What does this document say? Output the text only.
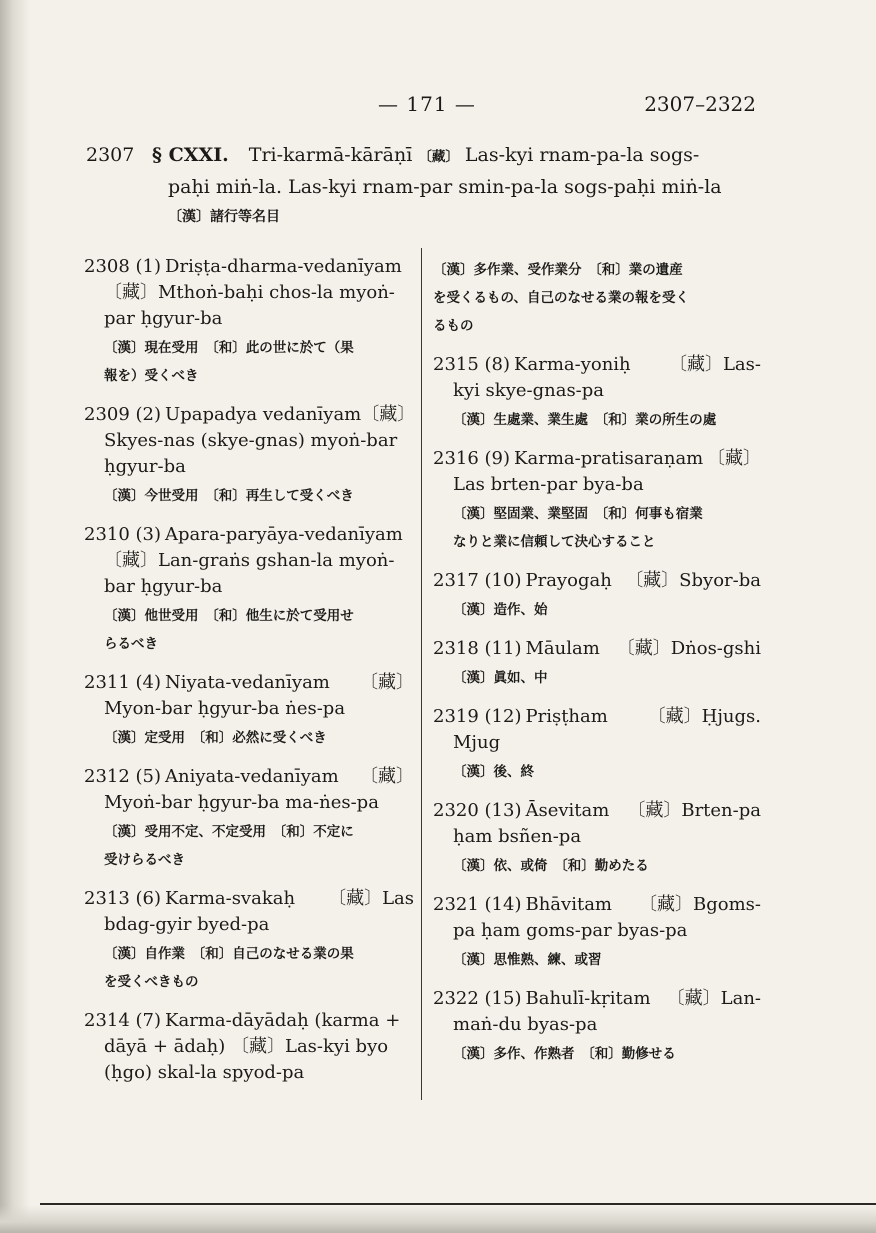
— 171 —	2307–2322
2307 § CXXI. Tri-karmā-kārāṇī 〔藏〕 Las-kyi rnam-pa-la sogs-
paḥi miṅ-la. Las-kyi rnam-par smin-pa-la sogs-paḥi miṅ-la
〔漢〕諸行等名目
2308 (1) Driṣṭa-dharma-vedanīyam
〔藏〕Mthoṅ-baḥi chos-la myoṅ-
par ḥgyur-ba
〔漢〕現在受用　〔和〕此の世に於て（果
報を）受くべき
2309 (2) Upapadya vedanīyam 〔藏〕
Skyes-nas (skye-gnas) myoṅ-bar
ḥgyur-ba
〔漢〕今世受用　〔和〕再生して受くべき
2310 (3) Apara-paryāya-vedanīyam
〔藏〕Lan-graṅs gshan-la myoṅ-
bar ḥgyur-ba
〔漢〕他世受用　〔和〕他生に於て受用せ
らるべき
2311 (4) Niyata-vedanīyam	〔藏〕
Myon-bar ḥgyur-ba ṅes-pa
〔漢〕定受用　〔和〕必然に受くべき
2312 (5) Aniyata-vedanīyam	〔藏〕
Myoṅ-bar ḥgyur-ba ma-ṅes-pa
〔漢〕受用不定、不定受用　〔和〕不定に
受けらるべき
2313 (6) Karma-svakaḥ	〔藏〕Las
bdag-gyir byed-pa
〔漢〕自作業　〔和〕自己のなせる業の果
を受くべきもの
2314 (7) Karma-dāyādaḥ (karma +
dāyā + ādaḥ) 〔藏〕Las-kyi byo
(ḥgo) skal-la spyod-pa
〔漢〕多作業、受作業分　〔和〕業の遺産
を受くるもの、自己のなせる業の報を受く
るもの
2315 (8) Karma-yoniḥ	〔藏〕Las-
kyi skye-gnas-pa
〔漢〕生處業、業生處　〔和〕業の所生の處
2316 (9) Karma-pratisaraṇam 〔藏〕
Las brten-par bya-ba
〔漢〕堅固業、業堅固　〔和〕何事も宿業
なりと業に信頼して決心すること
2317 (10) Prayogaḥ 〔藏〕Sbyor-ba
〔漢〕造作、始
2318 (11) Māulam 〔藏〕Dṅos-gshi
〔漢〕眞如、中
2319 (12) Priṣṭham	〔藏〕Ḥjugs.
Mjug
〔漢〕後、終
2320 (13) Āsevitam	〔藏〕Brten-pa
ḥam bsñen-pa
〔漢〕依、或倚　〔和〕勤めたる
2321 (14) Bhāvitam	〔藏〕Bgoms-
pa ḥam goms-par byas-pa
〔漢〕思惟熟、練、或習
2322 (15) Bahulī-kṛitam 〔藏〕Lan-
maṅ-du byas-pa
〔漢〕多作、作熟者　〔和〕勤修せる
